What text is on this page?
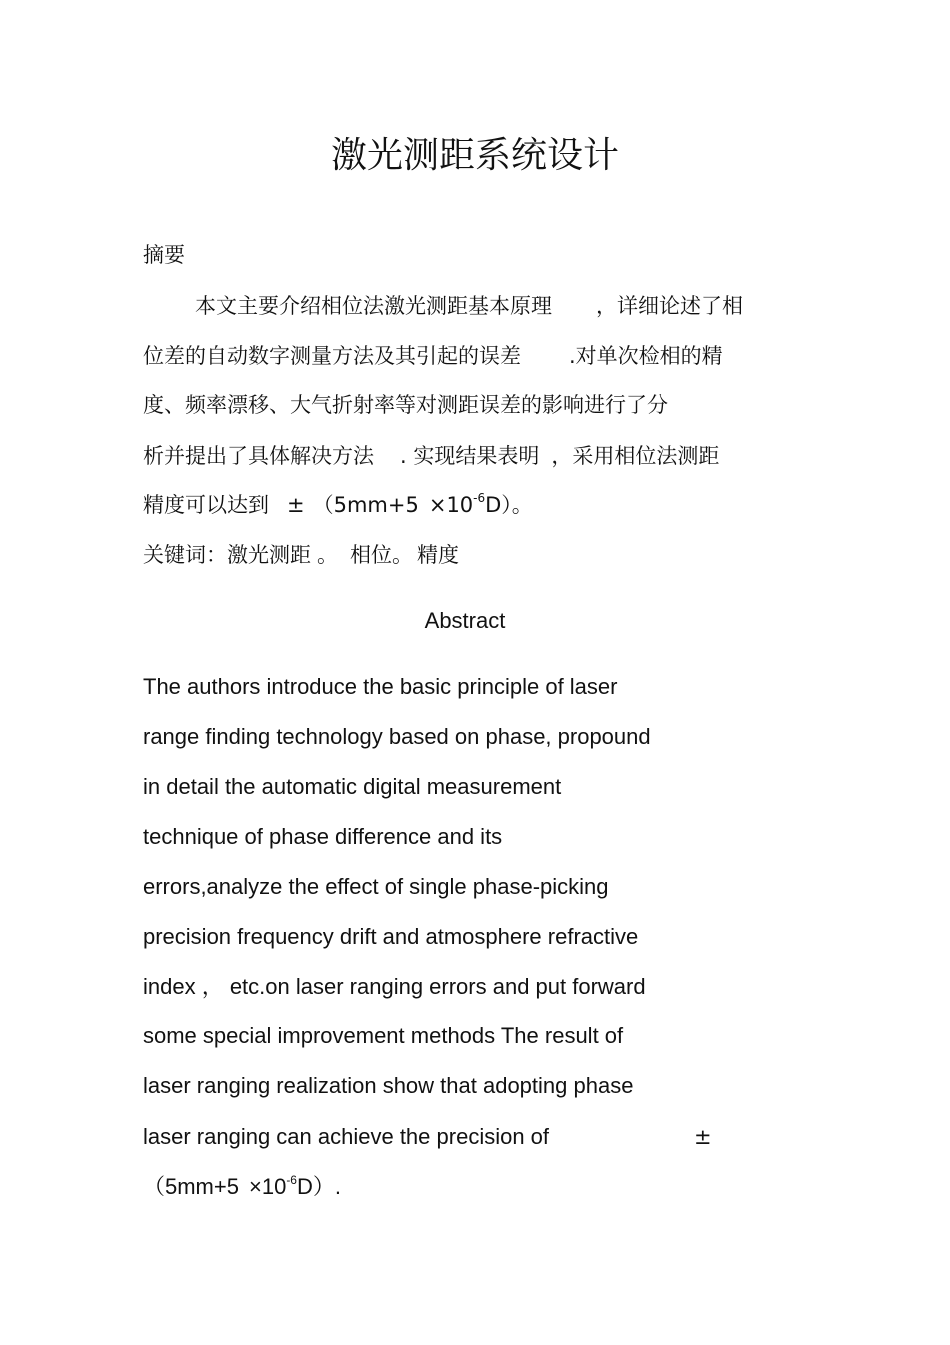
激光测距系统设计
摘要
本文主要介绍相位法激光测距基本原理 ，详细论述了相
位差的自动数字测量方法及其引起的误差 .对单次检相的精
度、频率漂移、大气折射率等对测距误差的影响进行了分
析并提出了具体解决方法 . 实现结果表明 ，采用相位法测距
精度可以达到 ± $(5mm+5 \times 10^{-6}D)$。
关键词：激光测距 。 相位。 精度
Abstract
The authors introduce the basic principle of laser
range finding technology based on phase, propound
in detail the automatic digital measurement
technique of phase difference and its
errors,analyze the effect of single phase-picking
precision frequency drift and atmosphere refractive
index ， etc.on laser ranging errors and put forward
some special improvement methods The result of
laser ranging realization show that adopting phase
laser ranging can achieve the precision of	±
$(5mm+5 \times 10^{-6}D)$.
